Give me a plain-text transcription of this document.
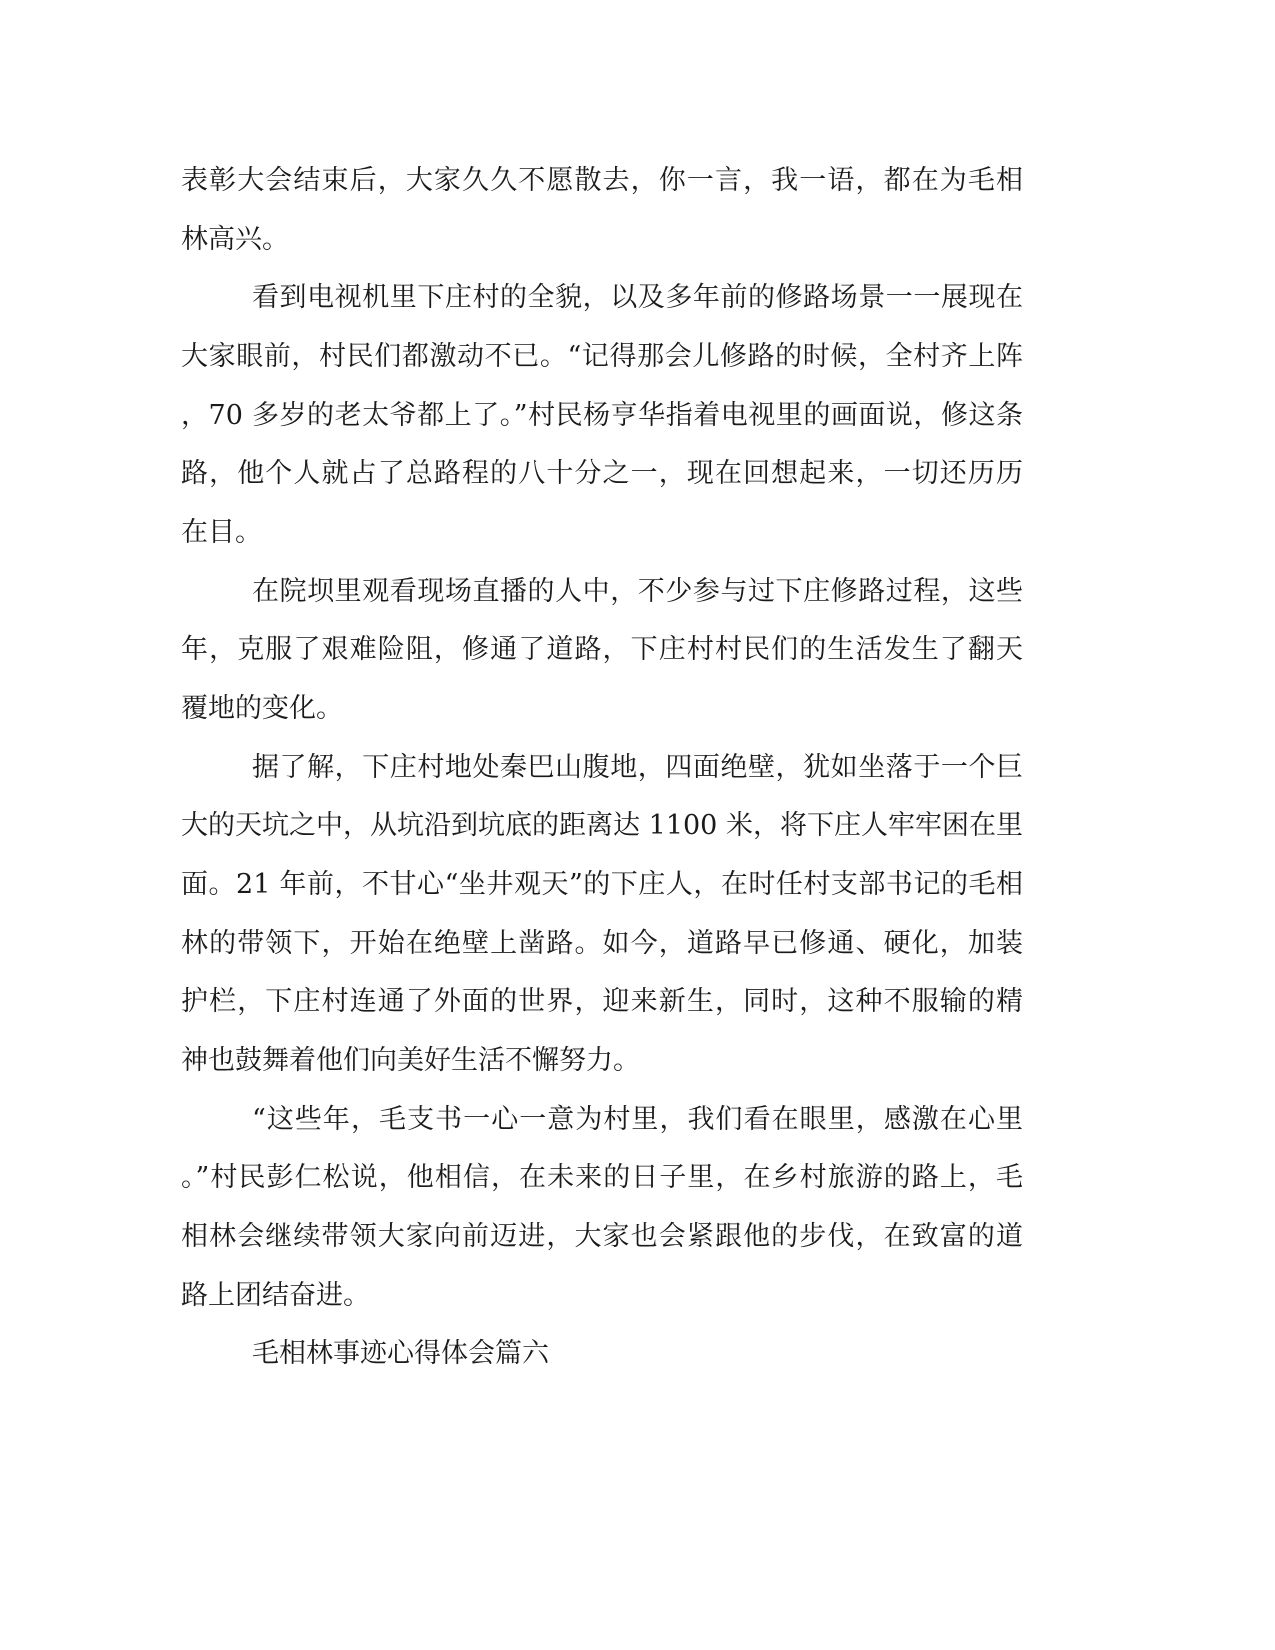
表彰大会结束后，大家久久不愿散去，你一言，我一语，都在为毛相

林高兴。

看到电视机里下庄村的全貌，以及多年前的修路场景一一展现在

大家眼前，村民们都激动不已。“记得那会儿修路的时候，全村齐上阵

，70 多岁的老太爷都上了。”村民杨亨华指着电视里的画面说，修这条

路，他个人就占了总路程的八十分之一，现在回想起来，一切还历历

在目。

在院坝里观看现场直播的人中，不少参与过下庄修路过程，这些

年，克服了艰难险阻，修通了道路，下庄村村民们的生活发生了翻天

覆地的变化。

据了解，下庄村地处秦巴山腹地，四面绝壁，犹如坐落于一个巨

大的天坑之中，从坑沿到坑底的距离达 1100 米，将下庄人牢牢困在里

面。21 年前，不甘心“坐井观天”的下庄人，在时任村支部书记的毛相

林的带领下，开始在绝壁上凿路。如今，道路早已修通、硬化，加装

护栏，下庄村连通了外面的世界，迎来新生，同时，这种不服输的精

神也鼓舞着他们向美好生活不懈努力。

“这些年，毛支书一心一意为村里，我们看在眼里，感激在心里

。”村民彭仁松说，他相信，在未来的日子里，在乡村旅游的路上，毛

相林会继续带领大家向前迈进，大家也会紧跟他的步伐，在致富的道

路上团结奋进。

毛相林事迹心得体会篇六
